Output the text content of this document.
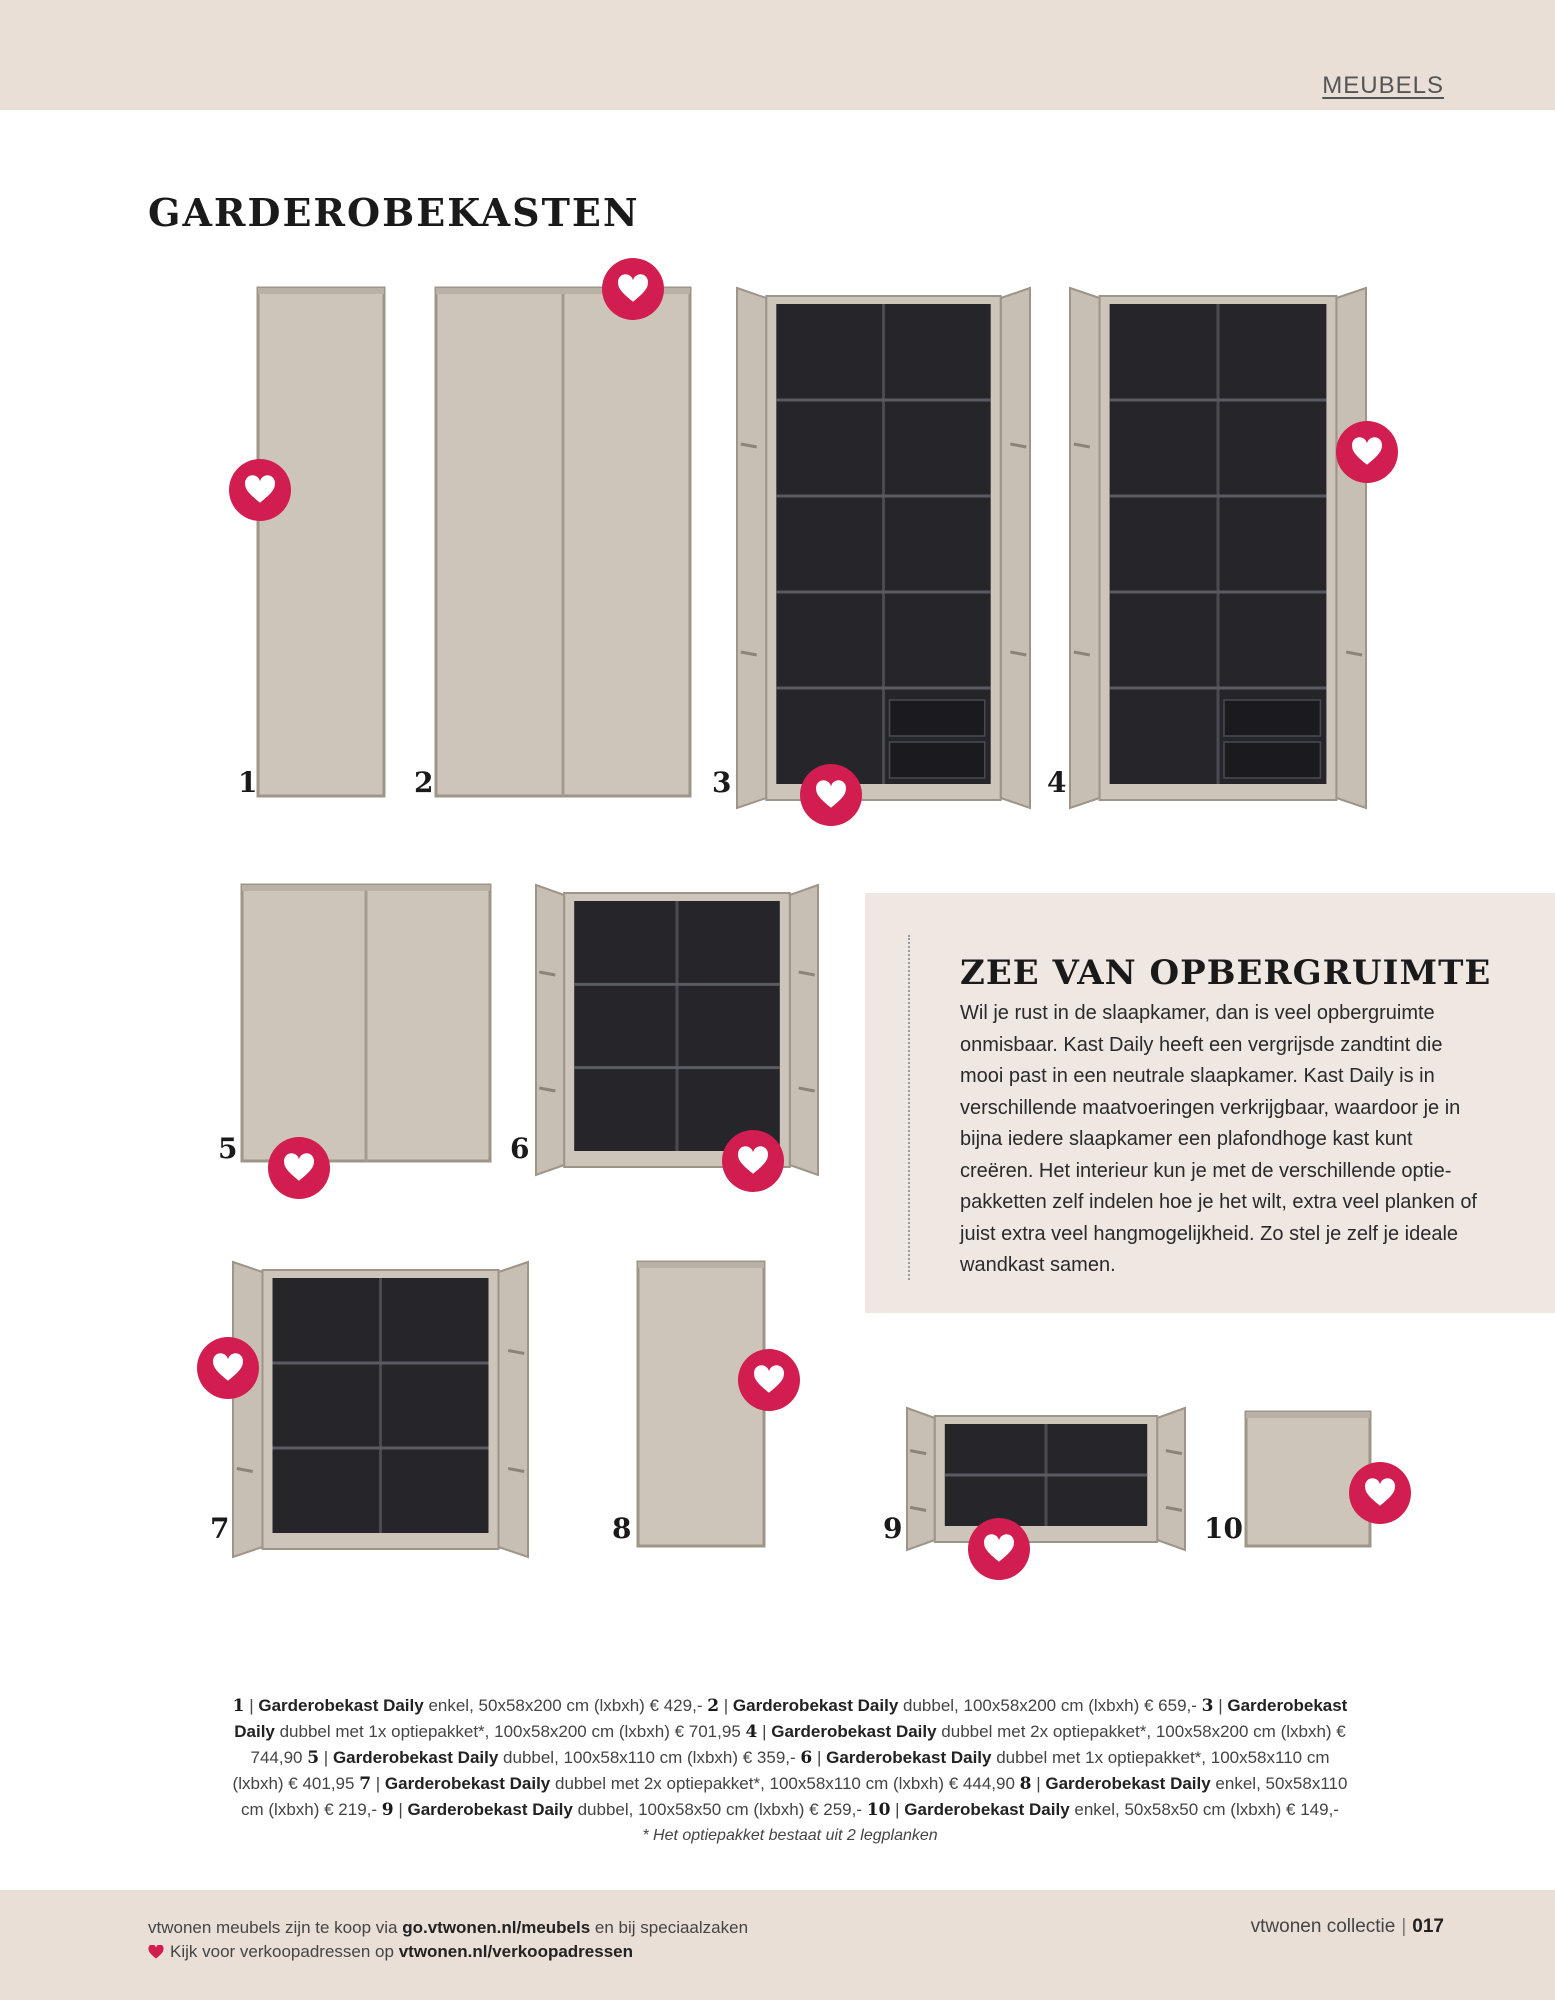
MEUBELS
GARDEROBEKASTEN
1	2	3	4
5	6
7	8	9	10
ZEE VAN OPBERGRUIMTE

Wil je rust in de slaapkamer, dan is veel opbergruimte onmisbaar. Kast Daily heeft een vergrijsde zandtint die mooi past in een neutrale slaapkamer. Kast Daily is in verschillende maatvoeringen verkrijgbaar, waardoor je in bijna iedere slaapkamer een plafondhoge kast kunt creëren. Het interieur kun je met de verschillende optie-pakketten zelf indelen hoe je het wilt, extra veel planken of juist extra veel hangmogelijkheid. Zo stel je zelf je ideale wandkast samen.

1 | Garderobekast Daily enkel, 50x58x200 cm (lxbxh) € 429,- 2 | Garderobekast Daily dubbel, 100x58x200 cm (lxbxh) € 659,- 3 | Garderobekast Daily dubbel met 1x optiepakket*, 100x58x200 cm (lxbxh) € 701,95 4 | Garderobekast Daily dubbel met 2x optiepakket*, 100x58x200 cm (lxbxh) € 744,90 5 | Garderobekast Daily dubbel, 100x58x110 cm (lxbxh) € 359,- 6 | Garderobekast Daily dubbel met 1x optiepakket*, 100x58x110 cm (lxbxh) € 401,95 7 | Garderobekast Daily dubbel met 2x optiepakket*, 100x58x110 cm (lxbxh) € 444,90 8 | Garderobekast Daily enkel, 50x58x110 cm (lxbxh) € 219,- 9 | Garderobekast Daily dubbel, 100x58x50 cm (lxbxh) € 259,- 10 | Garderobekast Daily enkel, 50x58x50 cm (lxbxh) € 149,-
* Het optiepakket bestaat uit 2 legplanken
vtwonen meubels zijn te koop via go.vtwonen.nl/meubels en bij speciaalzaken
Kijk voor verkoopadressen op vtwonen.nl/verkoopadressen
vtwonen collectie | 017
